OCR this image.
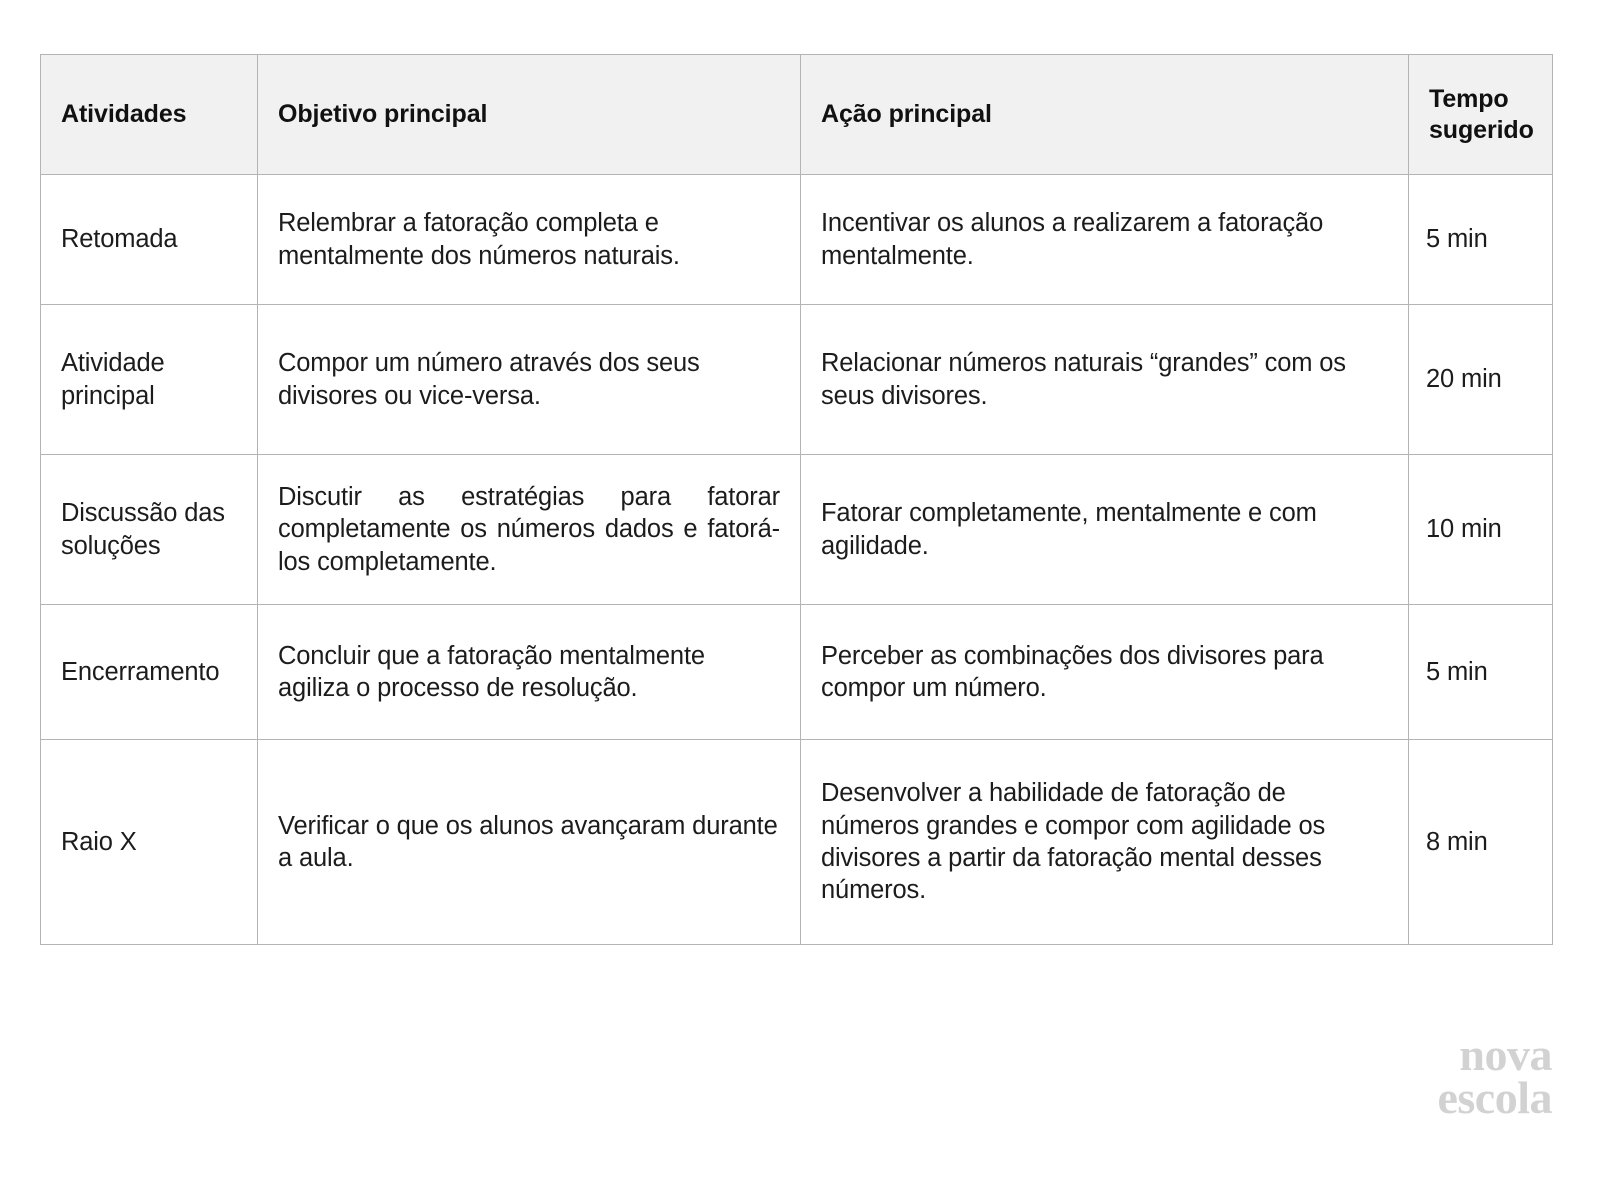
Atividades	Objetivo principal	Ação principal	Tempo sugerido
Retomada	Relembrar a fatoração completa e mentalmente dos números naturais.	Incentivar os alunos a realizarem a fatoração mentalmente.	5 min
Atividade principal	Compor um número através dos seus divisores ou vice-versa.	Relacionar números naturais “grandes” com os seus divisores.	20 min
Discussão das soluções	Discutir as estratégias para fatorar completamente os números dados e fatorá-los completamente.	Fatorar completamente, mentalmente e com agilidade.	10 min
Encerramento	Concluir que a fatoração mentalmente agiliza o processo de resolução.	Perceber as combinações dos divisores para compor um número.	5 min
Raio X	Verificar o que os alunos avançaram durante a aula.	Desenvolver a habilidade de fatoração de números grandes e compor com agilidade os divisores a partir da fatoração mental desses números.	8 min
nova
escola
